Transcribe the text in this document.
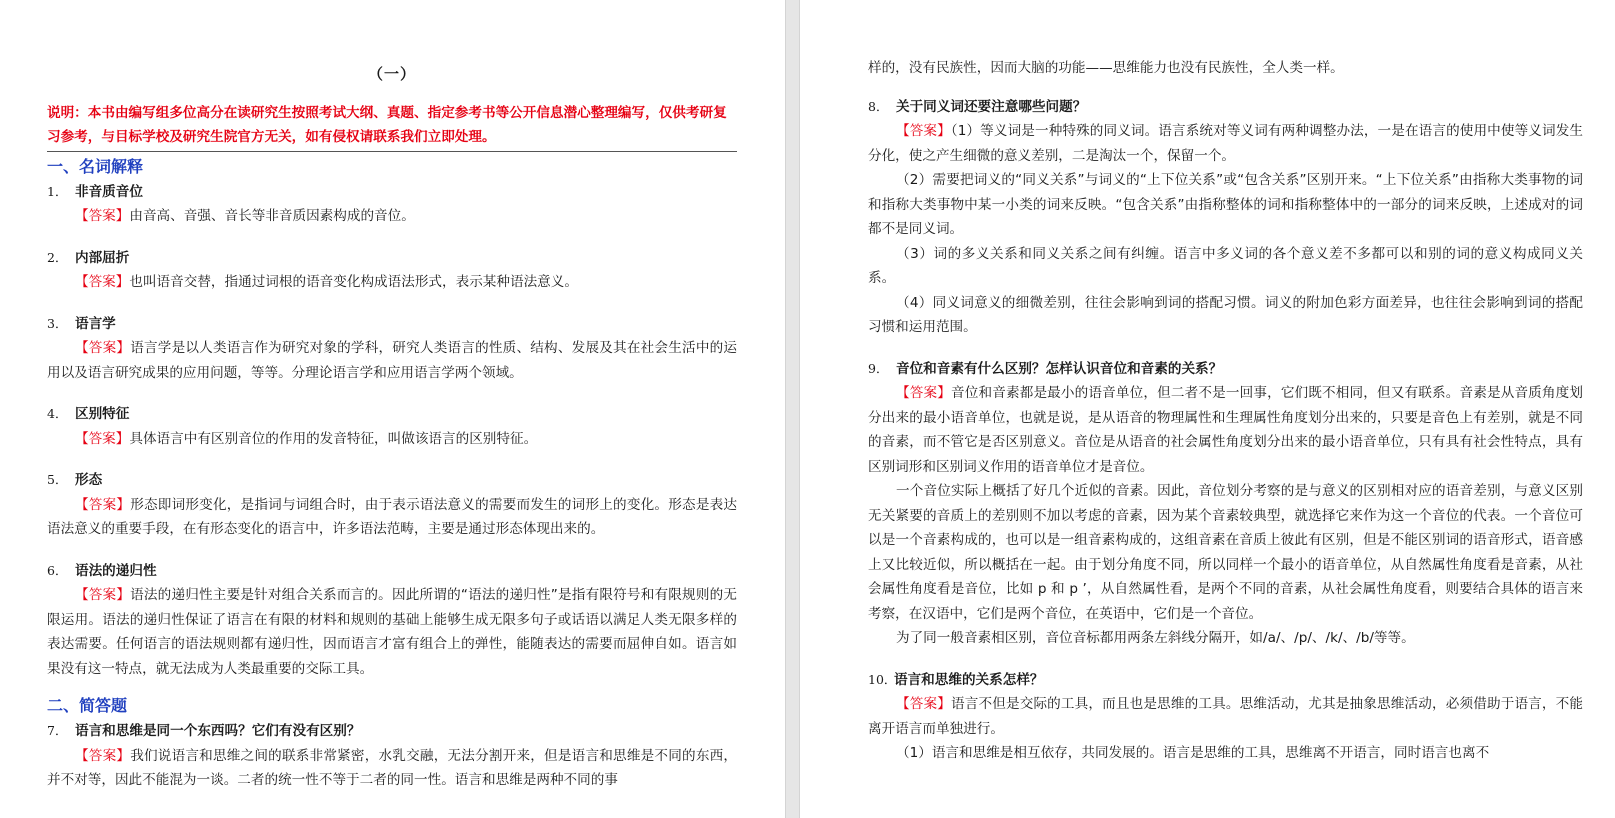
（一）
说明：本书由编写组多位高分在读研究生按照考试大纲、真题、指定参考书等公开信息潜心整理编写，仅供考研复习参考，与目标学校及研究生院官方无关，如有侵权请联系我们立即处理。
一、名词解释
1． 非音质音位
【答案】由音高、音强、音长等非音质因素构成的音位。
2． 内部屈折
【答案】也叫语音交替，指通过词根的语音变化构成语法形式，表示某种语法意义。
3． 语言学
【答案】语言学是以人类语言作为研究对象的学科，研究人类语言的性质、结构、发展及其在社会生活中的运用以及语言研究成果的应用问题，等等。分理论语言学和应用语言学两个领域。
4． 区别特征
【答案】具体语言中有区别音位的作用的发音特征，叫做该语言的区别特征。
5． 形态
【答案】形态即词形变化，是指词与词组合时，由于表示语法意义的需要而发生的词形上的变化。形态是表达语法意义的重要手段，在有形态变化的语言中，许多语法范畴，主要是通过形态体现出来的。
6． 语法的递归性
【答案】语法的递归性主要是针对组合关系而言的。因此所谓的“语法的递归性”是指有限符号和有限规则的无限运用。语法的递归性保证了语言在有限的材料和规则的基础上能够生成无限多句子或话语以满足人类无限多样的表达需要。任何语言的语法规则都有递归性，因而语言才富有组合上的弹性，能随表达的需要而屈伸自如。语言如果没有这一特点，就无法成为人类最重要的交际工具。
二、简答题
7． 语言和思维是同一个东西吗？它们有没有区别？
【答案】我们说语言和思维之间的联系非常紧密，水乳交融，无法分割开来，但是语言和思维是不同的东西，并不对等，因此不能混为一谈。二者的统一性不等于二者的同一性。语言和思维是两种不同的事
样的，没有民族性，因而大脑的功能——思维能力也没有民族性，全人类一样。
8． 关于同义词还要注意哪些问题？
【答案】（1）等义词是一种特殊的同义词。语言系统对等义词有两种调整办法，一是在语言的使用中使等义词发生分化，使之产生细微的意义差别，二是淘汰一个，保留一个。
（2）需要把词义的“同义关系”与词义的“上下位关系”或“包含关系”区别开来。“上下位关系”由指称大类事物的词和指称大类事物中某一小类的词来反映。“包含关系”由指称整体的词和指称整体中的一部分的词来反映，上述成对的词都不是同义词。
（3）词的多义关系和同义关系之间有纠缠。语言中多义词的各个意义差不多都可以和别的词的意义构成同义关系。
（4）同义词意义的细微差别，往往会影响到词的搭配习惯。词义的附加色彩方面差异，也往往会影响到词的搭配习惯和运用范围。
9． 音位和音素有什么区别？怎样认识音位和音素的关系？
【答案】音位和音素都是最小的语音单位，但二者不是一回事，它们既不相同，但又有联系。音素是从音质角度划分出来的最小语音单位，也就是说，是从语音的物理属性和生理属性角度划分出来的，只要是音色上有差别，就是不同的音素，而不管它是否区别意义。音位是从语音的社会属性角度划分出来的最小语音单位，只有具有社会性特点，具有区别词形和区别词义作用的语音单位才是音位。
一个音位实际上概括了好几个近似的音素。因此，音位划分考察的是与意义的区别相对应的语音差别，与意义区别无关紧要的音质上的差别则不加以考虑的音素，因为某个音素较典型，就选择它来作为这一个音位的代表。一个音位可以是一个音素构成的，也可以是一组音素构成的，这组音素在音质上彼此有区别，但是不能区别词的语音形式，语音感上又比较近似，所以概括在一起。由于划分角度不同，所以同样一个最小的语音单位，从自然属性角度看是音素，从社会属性角度看是音位，比如 p 和 p ’，从自然属性看，是两个不同的音素，从社会属性角度看，则要结合具体的语言来考察，在汉语中，它们是两个音位，在英语中，它们是一个音位。
为了同一般音素相区别，音位音标都用两条左斜线分隔开，如/a/、/p/、/k/、/b/等等。
10．语言和思维的关系怎样？
【答案】语言不但是交际的工具，而且也是思维的工具。思维活动，尤其是抽象思维活动，必须借助于语言，不能离开语言而单独进行。
（1）语言和思维是相互依存，共同发展的。语言是思维的工具，思维离不开语言，同时语言也离不
